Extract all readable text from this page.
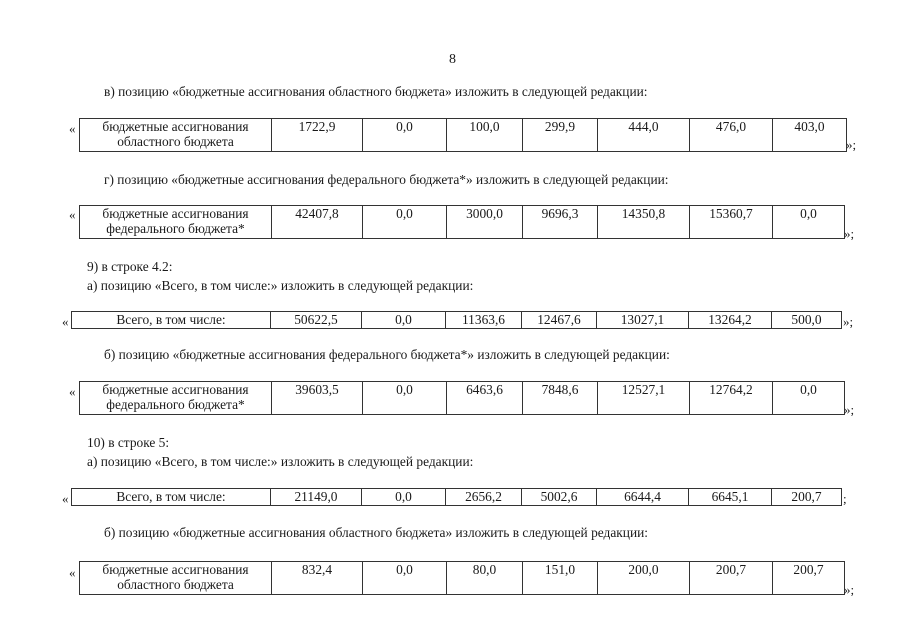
8
в) позицию «бюджетные ассигнования областного бюджета» изложить в следующей редакции:
« бюджетные ассигнования
областного бюджета	1722,9	0,0	100,0	299,9	444,0	476,0	403,0
»;
г) позицию «бюджетные ассигнования федерального бюджета*» изложить в следующей редакции:
« бюджетные ассигнования
федерального бюджета*	42407,8	0,0	3000,0	9696,3	14350,8	15360,7	0,0
»;
9) в строке 4.2:
а) позицию «Всего, в том числе:» изложить в следующей редакции:
«	Всего, в том числе:	50622,5	0,0	11363,6	12467,6	13027,1	13264,2	500,0 »;
б) позицию «бюджетные ассигнования федерального бюджета*» изложить в следующей редакции:
« бюджетные ассигнования
федерального бюджета*	39603,5	0,0	6463,6	7848,6	12527,1	12764,2	0,0
»;
10) в строке 5:
а) позицию «Всего, в том числе:» изложить в следующей редакции:
«	Всего, в том числе:	21149,0	0,0	2656,2	5002,6	6644,4	6645,1	200,7 ;
б) позицию «бюджетные ассигнования областного бюджета» изложить в следующей редакции:
« бюджетные ассигнования
областного бюджета	832,4	0,0	80,0	151,0	200,0	200,7	200,7
»;
